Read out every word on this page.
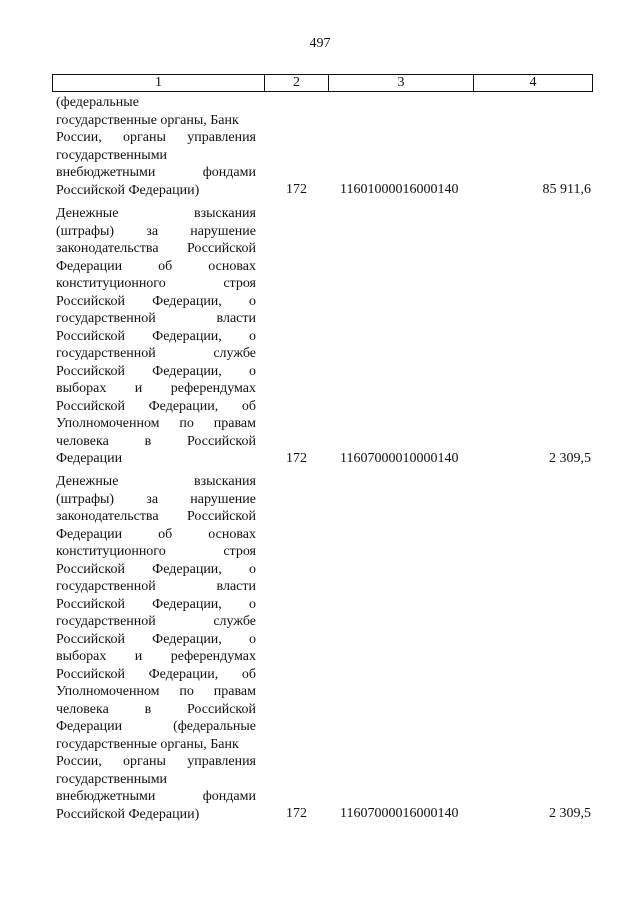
497
1	2	3	4
(федеральные
государственные органы, Банк
России, органы управления
государственными
внебюджетными фондами
Российской Федерации)	172 11601000016000140	85 911,6
Денежные взыскания
(штрафы) за нарушение
законодательства Российской
Федерации об основах
конституционного строя
Российской Федерации, о
государственной власти
Российской Федерации, о
государственной службе
Российской Федерации, о
выборах и референдумах
Российской Федерации, об
Уполномоченном по правам
человека в Российской
Федерации	172 11607000010000140	2 309,5
Денежные взыскания
(штрафы) за нарушение
законодательства Российской
Федерации об основах
конституционного строя
Российской Федерации, о
государственной власти
Российской Федерации, о
государственной службе
Российской Федерации, о
выборах и референдумах
Российской Федерации, об
Уполномоченном по правам
человека в Российской
Федерации (федеральные
государственные органы, Банк
России, органы управления
государственными
внебюджетными фондами
Российской Федерации)	172 11607000016000140	2 309,5
